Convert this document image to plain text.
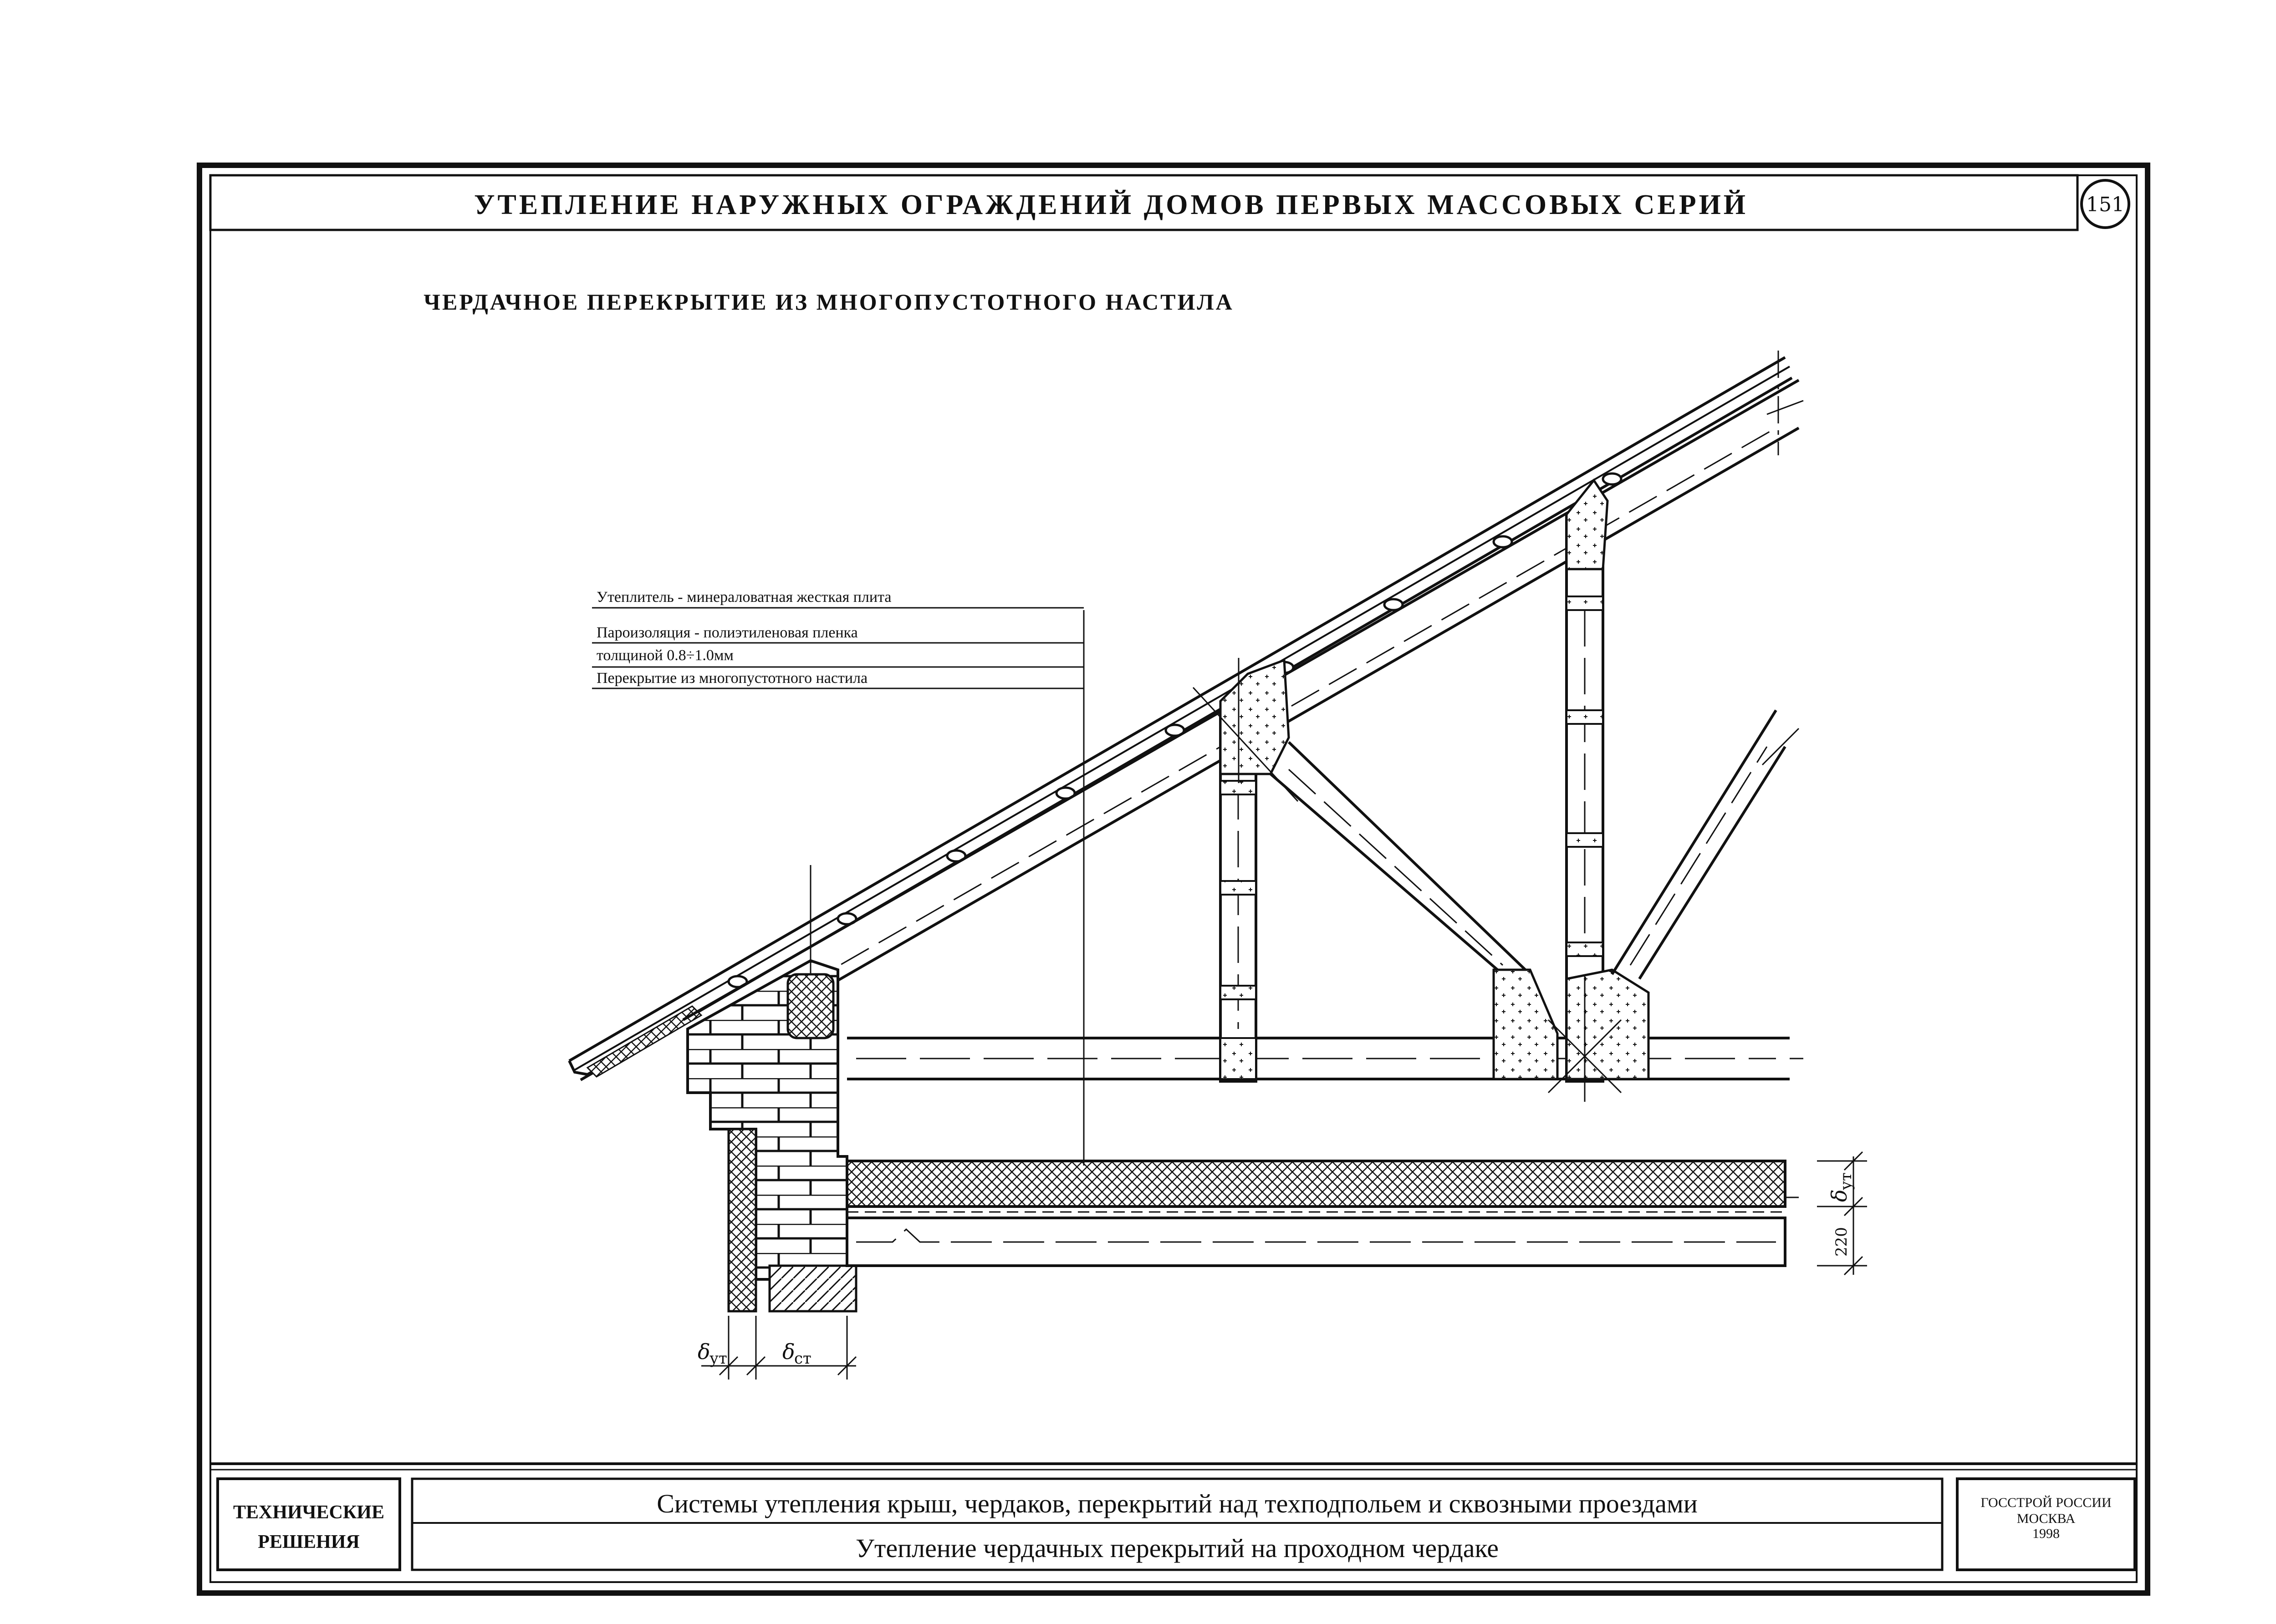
УТЕПЛЕНИЕ НАРУЖНЫХ ОГРАЖДЕНИЙ ДОМОВ ПЕРВЫХ МАССОВЫХ СЕРИЙ	151
ЧЕРДАЧНОЕ ПЕРЕКРЫТИЕ ИЗ МНОГОПУСТОТНОГО НАСТИЛА
Утеплитель - минераловатная жесткая плита
Пароизоляция - полиэтиленовая пленка
толщиной 0.8÷1.0мм
Перекрытие из многопустотного настила
220
δ
ут
δ
ут	δ
ст
ТЕХНИЧЕСКИЕ
РЕШЕНИЯ
Системы утепления крыш, чердаков, перекрытий над техподпольем и сквозными проездами
Утепление чердачных перекрытий на проходном чердаке
ГОССТРОЙ РОССИИ
МОСКВА
1998
